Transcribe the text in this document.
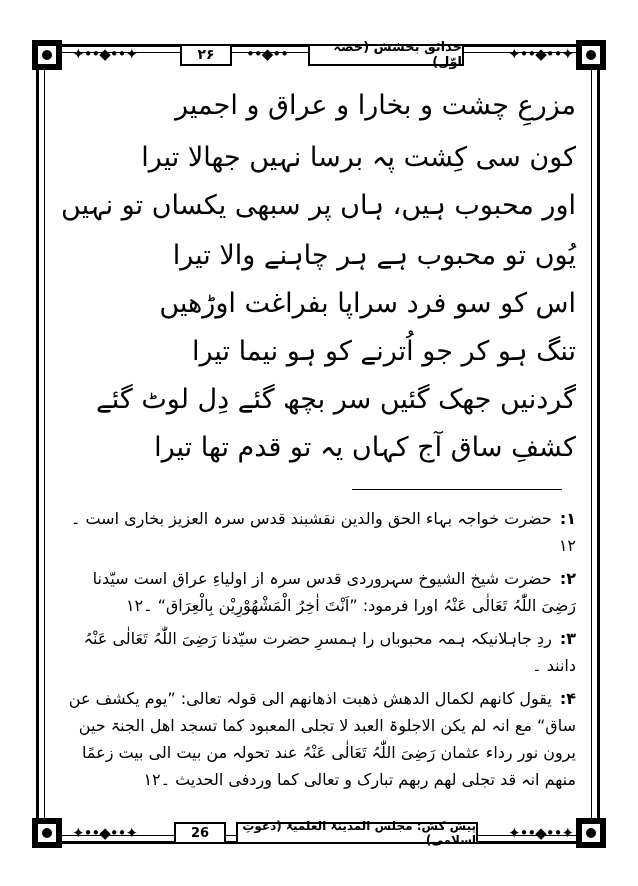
✦••◆••✦	••◆••	✦••◆••✦
✦••◆••✦	✦••◆••✦
۲۶	حدائق بخشش (حصہ اوّل)
مزرعِ چشت و بخارا و عراق و اجمیر
کون سی کِشت پہ برسا نہیں جھالا تیرا
اور محبوب ہیں، ہاں پر سبھی یکساں تو نہیں
یُوں تو محبوب ہے ہر چاہنے والا تیرا
اس کو سو فرد سراپا بفراغت اوڑھیں
تنگ ہو کر جو اُترنے کو ہو نیما تیرا
گردنیں جھک گئیں سر بچھ گئے دِل لوٹ گئے
کشفِ ساق آج کہاں یہ تو قدم تھا تیرا
۱:حضرت خواجہ بہاء الحق والدین نقشبند قدس سرہ العزیز بخاری است ۔۱۲
۲:حضرت شیخ الشیوخ سہروردی قدس سرہ از اولیاءِ عراق است سیّدنا رَضِیَ اللّٰہُ تَعَالٰی عَنْہُ اورا فرمود: ”اَنْتَ اٰخِرُ الْمَشْھُوْرِیْن بِالْعِرَاق“ ۔۱۲
۳:ردِ جاہلانیکہ ہمہ محبوباں را ہمسرِ حضرت سیّدنا رَضِیَ اللّٰہُ تَعَالٰی عَنْہُ دانند ۔
۴:یقول کانھم لکمال الدھش ذھبت اذھانھم الی قولہ تعالی: ”یوم یکشف عن ساق“ مع انہ لم یکن الاجلوۃ العبد لا تجلی المعبود کما تسجد اھل الجنۃ حین یرون نور رداء عثمان رَضِیَ اللّٰہُ تَعَالٰی عَنْہُ عند تحولہ من بیت الی بیت زعمًا منھم انہ قد تجلی لھم ربھم تبارک و تعالی کما وردفی الحدیث ۔۱۲
26	پیش کش: مجلس المدینۃ العلمیۃ (دعوتِ اسلامی)
